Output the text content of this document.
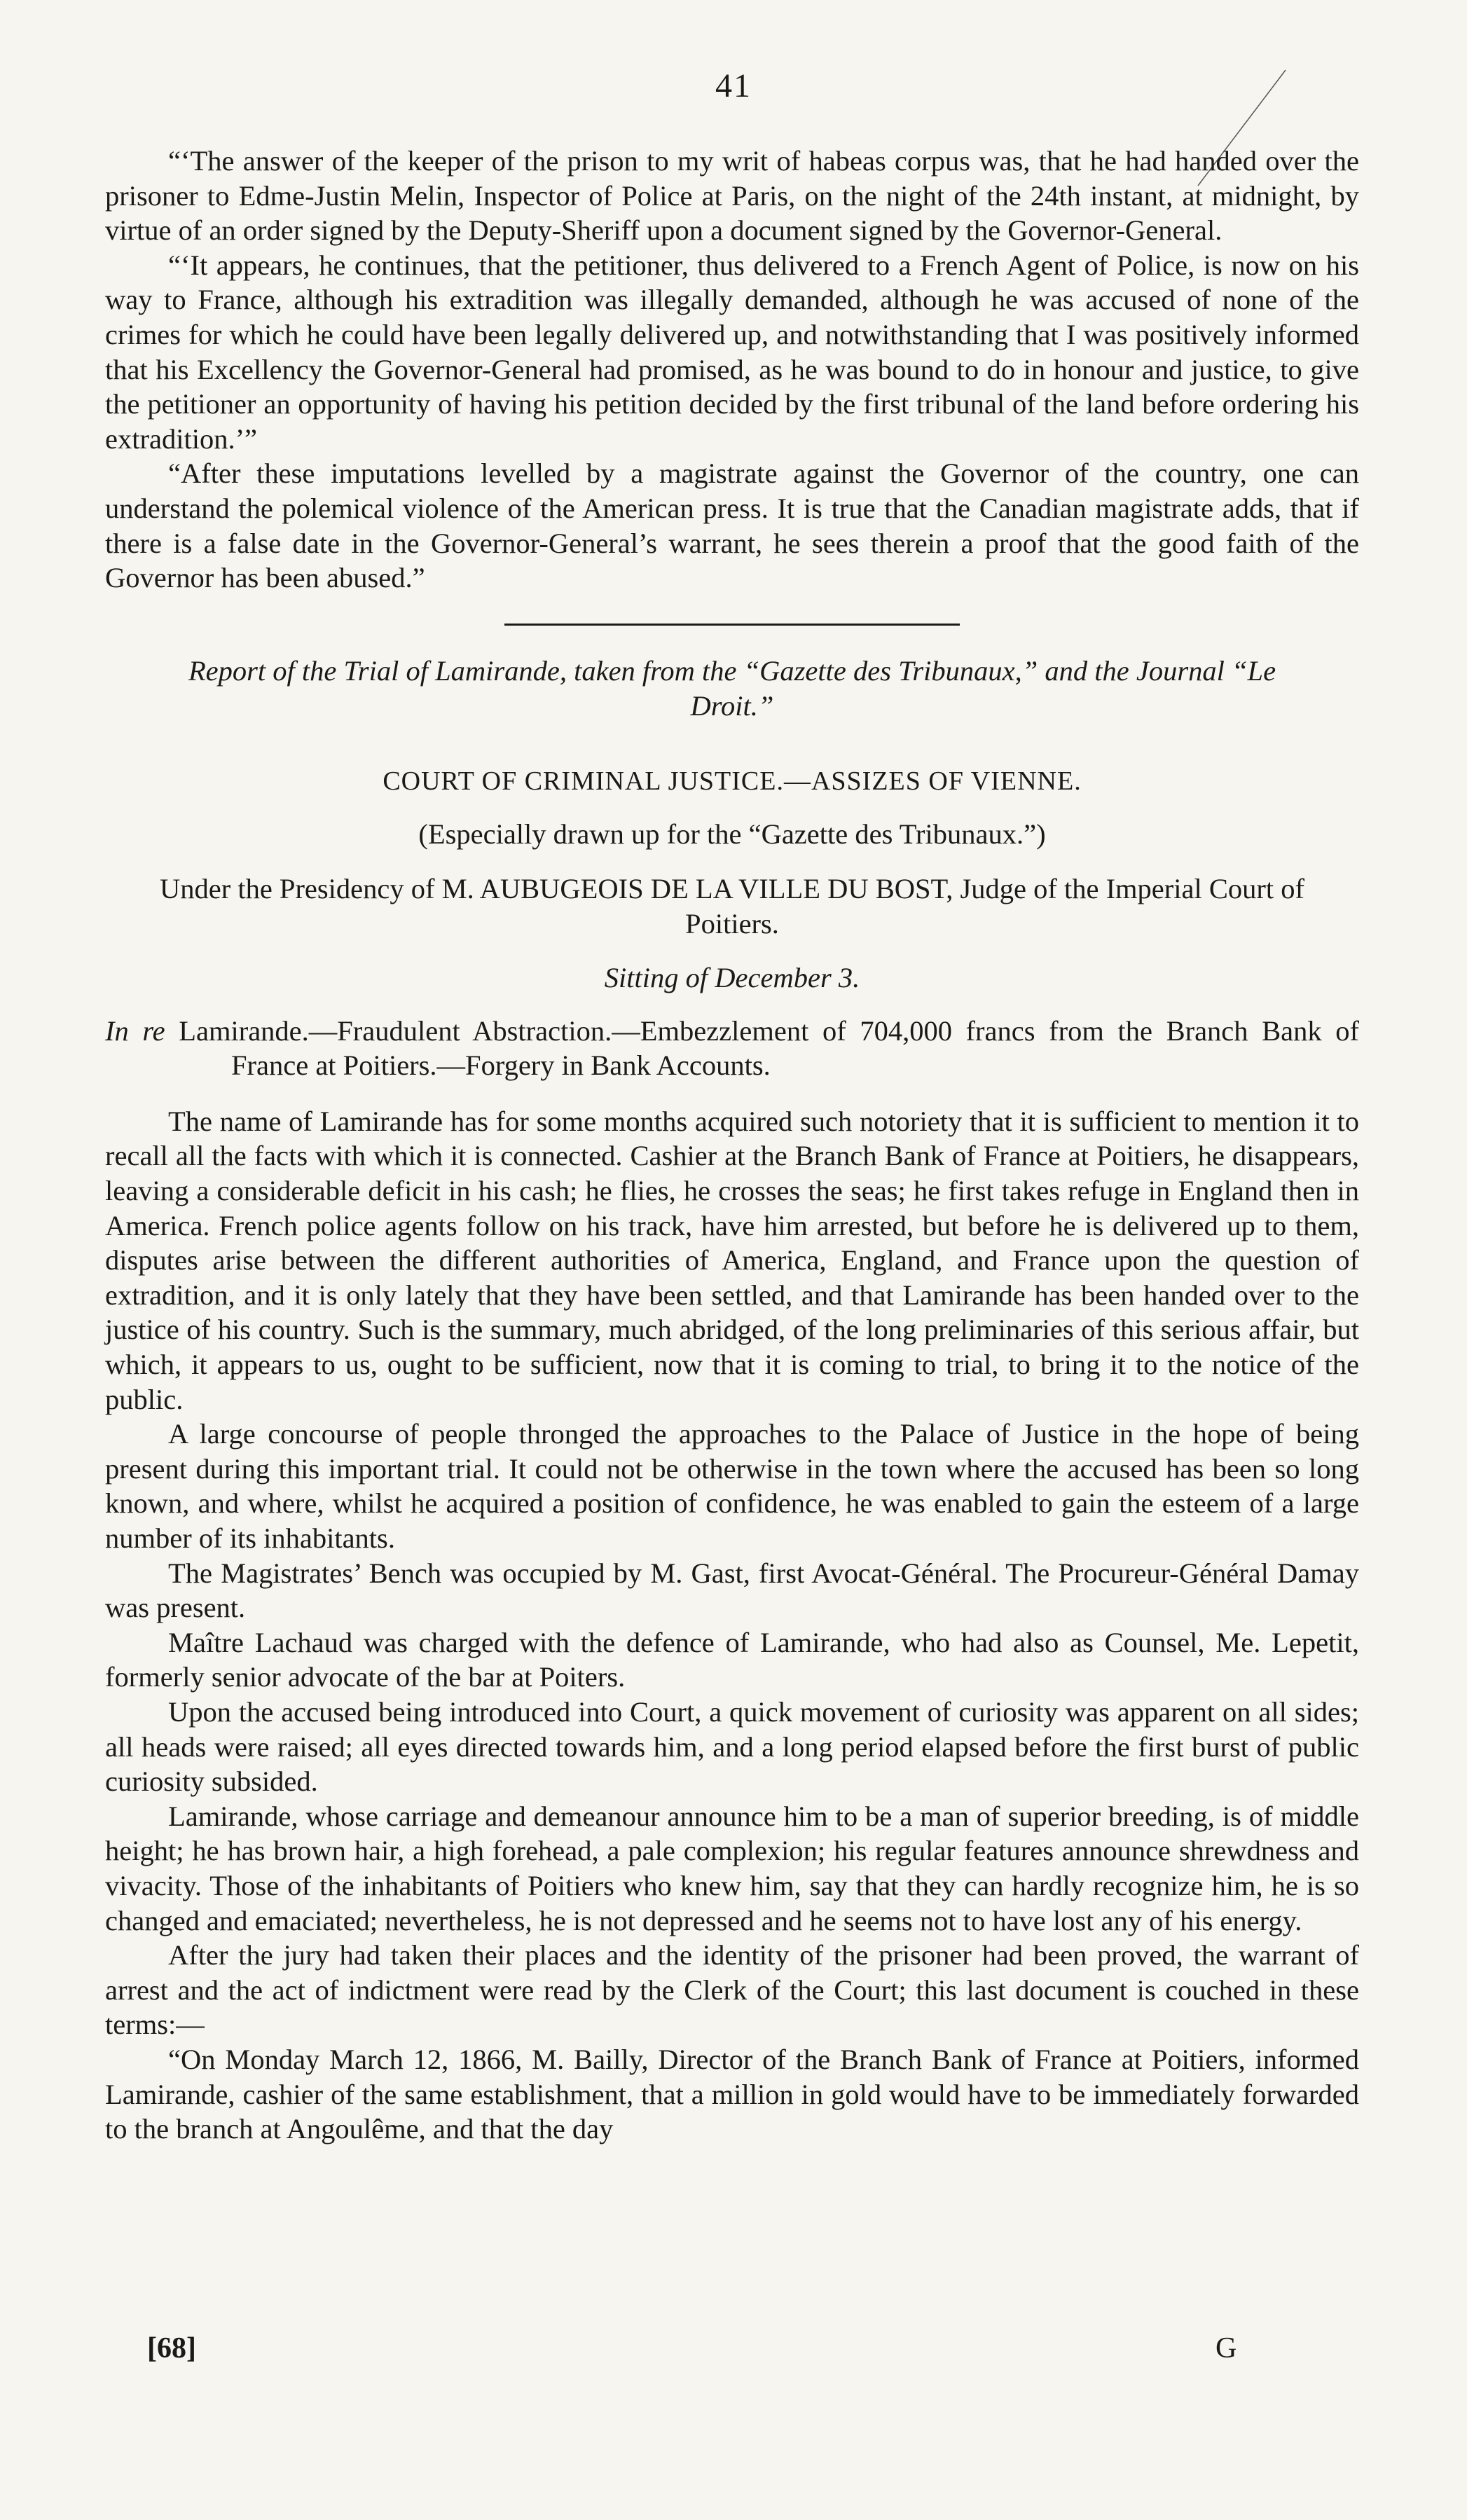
41

“‘The answer of the keeper of the prison to my writ of habeas corpus was, that he had handed over the prisoner to Edme-Justin Melin, Inspector of Police at Paris, on the night of the 24th instant, at midnight, by virtue of an order signed by the Deputy-Sheriff upon a document signed by the Governor-General.

“‘It appears, he continues, that the petitioner, thus delivered to a French Agent of Police, is now on his way to France, although his extradition was illegally demanded, although he was accused of none of the crimes for which he could have been legally delivered up, and notwithstanding that I was positively informed that his Excellency the Governor-General had promised, as he was bound to do in honour and justice, to give the petitioner an opportunity of having his petition decided by the first tribunal of the land before ordering his extradition.’”

“After these imputations levelled by a magistrate against the Governor of the country, one can understand the polemical violence of the American press. It is true that the Canadian magistrate adds, that if there is a false date in the Governor-General’s warrant, he sees therein a proof that the good faith of the Governor has been abused.”

Report of the Trial of Lamirande, taken from the “Gazette des Tribunaux,” and the Journal “Le Droit.”
COURT OF CRIMINAL JUSTICE.—ASSIZES OF VIENNE.
(Especially drawn up for the “Gazette des Tribunaux.”)
Under the Presidency of M. AUBUGEOIS DE LA VILLE DU BOST, Judge of the Imperial Court of Poitiers.
Sitting of December 3.
In re Lamirande.—Fraudulent Abstraction.—Embezzlement of 704,000 francs from the Branch Bank of France at Poitiers.—Forgery in Bank Accounts.

The name of Lamirande has for some months acquired such notoriety that it is sufficient to mention it to recall all the facts with which it is connected. Cashier at the Branch Bank of France at Poitiers, he disappears, leaving a considerable deficit in his cash; he flies, he crosses the seas; he first takes refuge in England then in America. French police agents follow on his track, have him arrested, but before he is delivered up to them, disputes arise between the different authorities of America, England, and France upon the question of extradition, and it is only lately that they have been settled, and that Lamirande has been handed over to the justice of his country. Such is the summary, much abridged, of the long preliminaries of this serious affair, but which, it appears to us, ought to be sufficient, now that it is coming to trial, to bring it to the notice of the public.

A large concourse of people thronged the approaches to the Palace of Justice in the hope of being present during this important trial. It could not be otherwise in the town where the accused has been so long known, and where, whilst he acquired a position of confidence, he was enabled to gain the esteem of a large number of its inhabitants.

The Magistrates’ Bench was occupied by M. Gast, first Avocat-Général. The Procureur-Général Damay was present.

Maître Lachaud was charged with the defence of Lamirande, who had also as Counsel, Me. Lepetit, formerly senior advocate of the bar at Poiters.

Upon the accused being introduced into Court, a quick movement of curiosity was apparent on all sides; all heads were raised; all eyes directed towards him, and a long period elapsed before the first burst of public curiosity subsided.

Lamirande, whose carriage and demeanour announce him to be a man of superior breeding, is of middle height; he has brown hair, a high forehead, a pale complexion; his regular features announce shrewdness and vivacity. Those of the inhabitants of Poitiers who knew him, say that they can hardly recognize him, he is so changed and emaciated; nevertheless, he is not depressed and he seems not to have lost any of his energy.

After the jury had taken their places and the identity of the prisoner had been proved, the warrant of arrest and the act of indictment were read by the Clerk of the Court; this last document is couched in these terms:—

“On Monday March 12, 1866, M. Bailly, Director of the Branch Bank of France at Poitiers, informed Lamirande, cashier of the same establishment, that a million in gold would have to be immediately forwarded to the branch at Angoulême, and that the day

[68]	G
